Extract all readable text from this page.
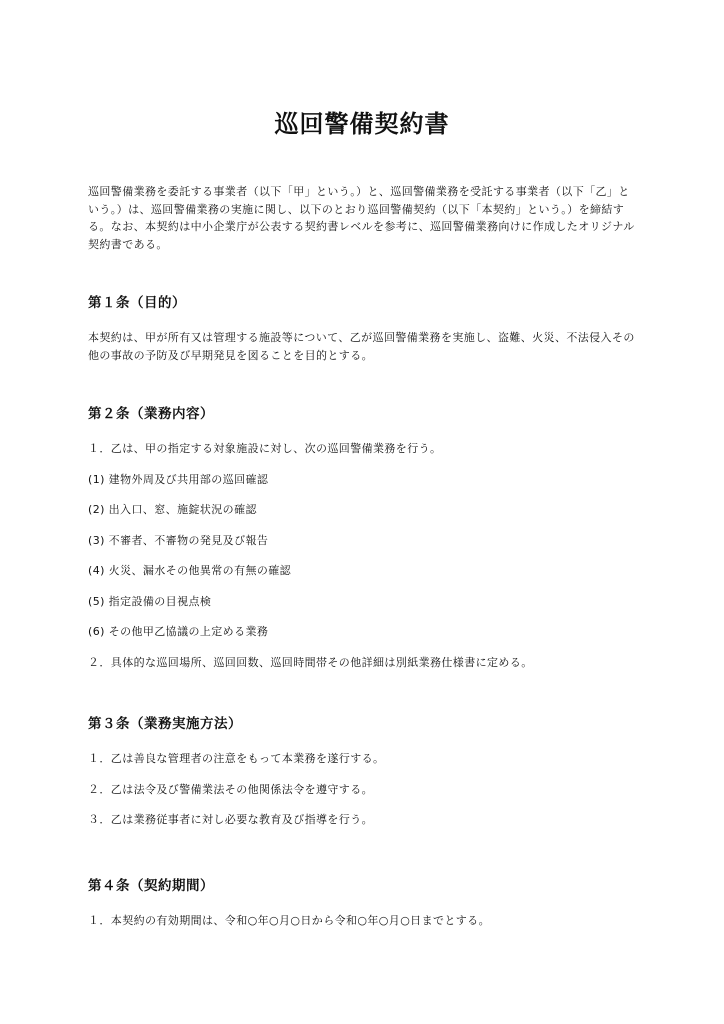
巡回警備契約書

巡回警備業務を委託する事業者（以下「甲」という。）と、巡回警備業務を受託する事業者（以下「乙」という。）は、巡回警備業務の実施に関し、以下のとおり巡回警備契約（以下「本契約」という。）を締結する。なお、本契約は中小企業庁が公表する契約書レベルを参考に、巡回警備業務向けに作成したオリジナル契約書である。

第１条（目的）

本契約は、甲が所有又は管理する施設等について、乙が巡回警備業務を実施し、盗難、火災、不法侵入その他の事故の予防及び早期発見を図ることを目的とする。

第２条（業務内容）

１．乙は、甲の指定する対象施設に対し、次の巡回警備業務を行う。

(1) 建物外周及び共用部の巡回確認

(2) 出入口、窓、施錠状況の確認

(3) 不審者、不審物の発見及び報告

(4) 火災、漏水その他異常の有無の確認

(5) 指定設備の目視点検

(6) その他甲乙協議の上定める業務

２．具体的な巡回場所、巡回回数、巡回時間帯その他詳細は別紙業務仕様書に定める。

第３条（業務実施方法）

１．乙は善良な管理者の注意をもって本業務を遂行する。

２．乙は法令及び警備業法その他関係法令を遵守する。

３．乙は業務従事者に対し必要な教育及び指導を行う。

第４条（契約期間）

１．本契約の有効期間は、令和○年○月○日から令和○年○月○日までとする。
